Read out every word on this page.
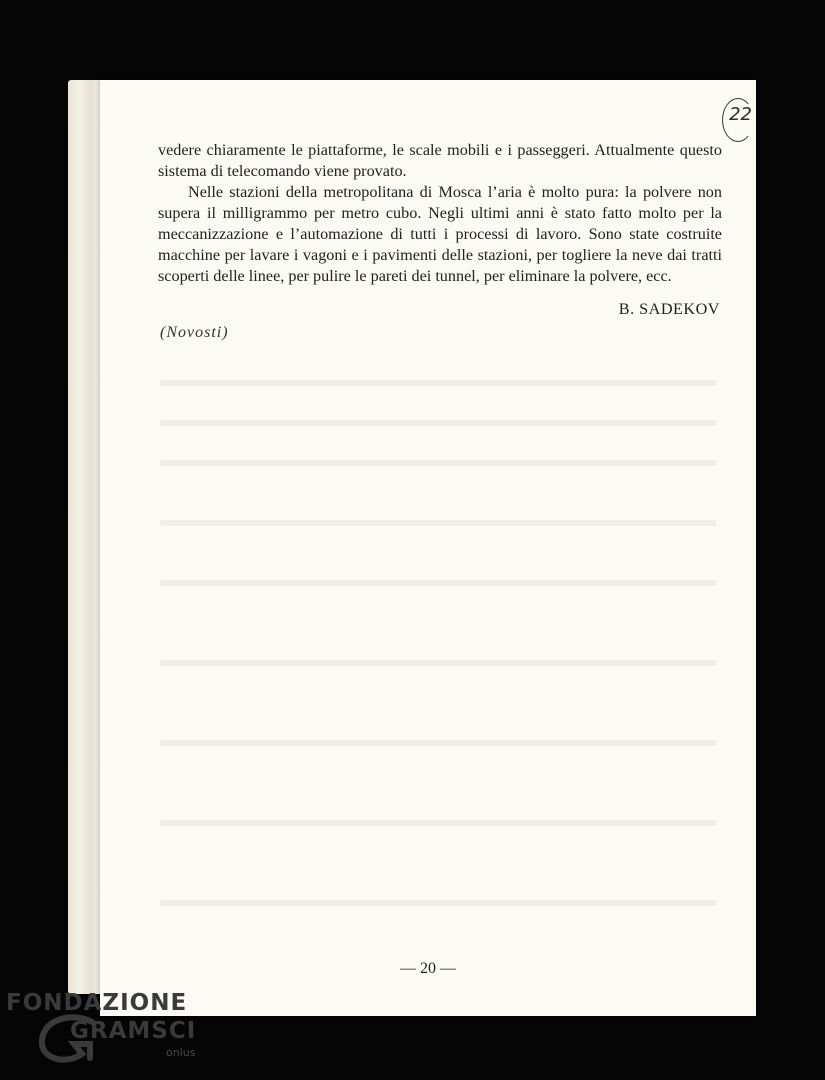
22

vedere chiaramente le piattaforme, le scale mobili e i passeggeri. Attualmente questo sistema di telecomando viene provato.

Nelle stazioni della metropolitana di Mosca l’aria è molto pura: la polvere non supera il milligrammo per metro cubo. Negli ultimi anni è stato fatto molto per la meccanizzazione e l’automazione di tutti i processi di lavoro. Sono state costruite macchine per lavare i vagoni e i pavimenti delle stazioni, per togliere la neve dai tratti scoperti delle linee, per pulire le pareti dei tunnel, per eliminare la polvere, ecc.

B. SADEKOV
(Novosti)
— 20 —
FONDAZIONE
GRAMSCI
onlus
